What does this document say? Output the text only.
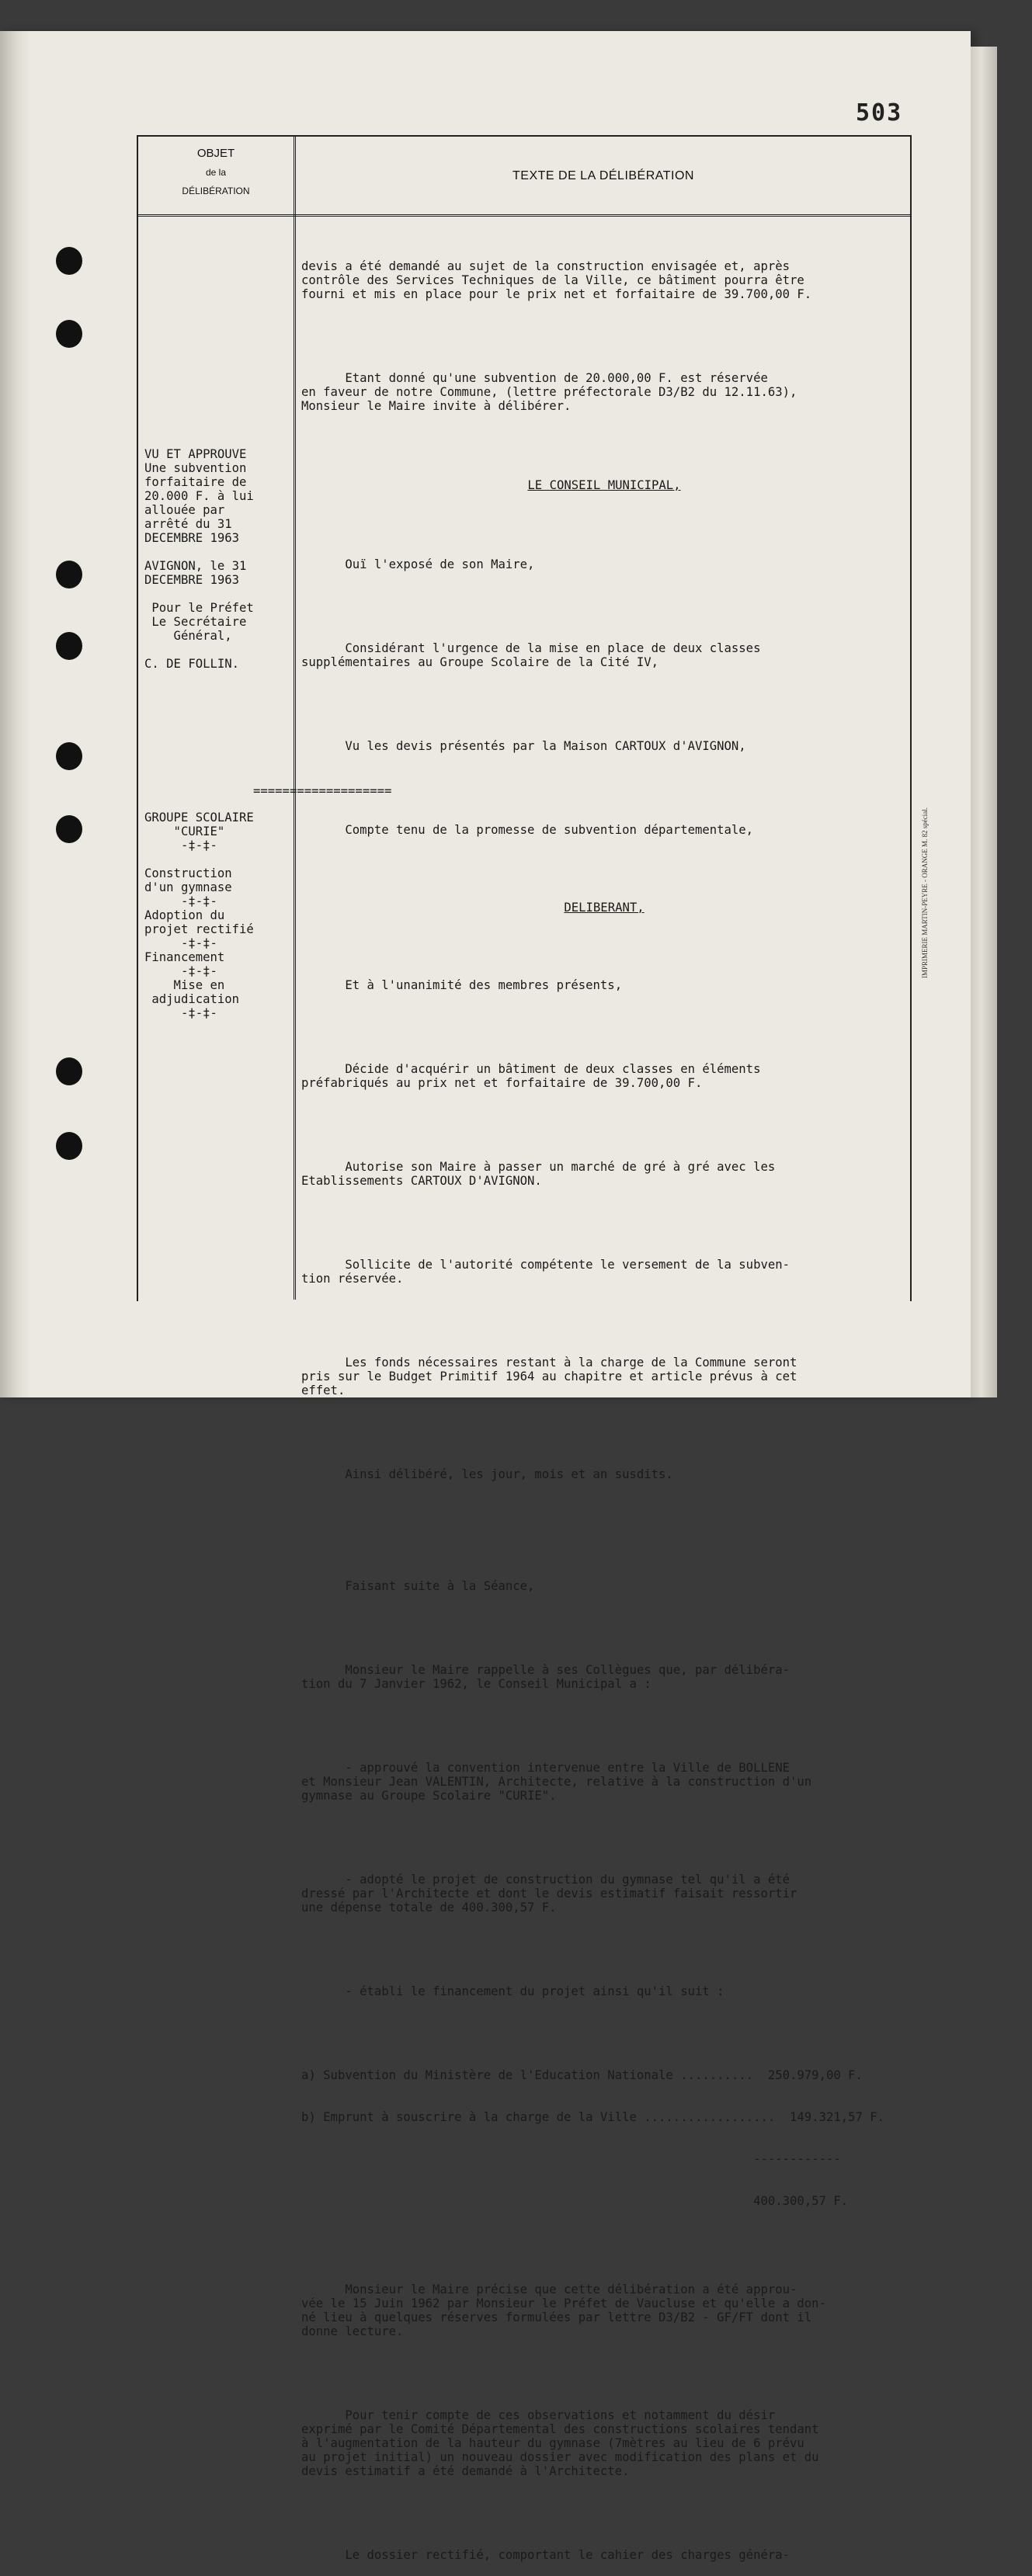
503
OBJET
de la
DÉLIBÉRATION
TEXTE DE LA DÉLIBÉRATION
VU ET APPROUVE
Une subvention
forfaitaire de
20.000 F. à lui
allouée par
arrêté du 31
DECEMBRE 1963

AVIGNON, le 31
DECEMBRE 1963

Pour le Préfet
Le Secrétaire
Général,

C. DE FOLLIN.
===================
GROUPE SCOLAIRE
"CURIE"
-‡-‡-

Construction
d'un gymnase
-‡-‡-
Adoption du
projet rectifié
-‡-‡-
Financement
-‡-‡-
Mise en
adjudication
-‡-‡-

devis a été demandé au sujet de la construction envisagée et, après
contrôle des Services Techniques de la Ville, ce bâtiment pourra être
fourni et mis en place pour le prix net et forfaitaire de 39.700,00 F.

Etant donné qu'une subvention de 20.000,00 F. est réservée
en faveur de notre Commune, (lettre préfectorale D3/B2 du 12.11.63),
Monsieur le Maire invite à délibérer.

LE CONSEIL MUNICIPAL,

Ouï l'exposé de son Maire,

Considérant l'urgence de la mise en place de deux classes
supplémentaires au Groupe Scolaire de la Cité IV,

Vu les devis présentés par la Maison CARTOUX d'AVIGNON,

Compte tenu de la promesse de subvention départementale,

DELIBERANT,

Et à l'unanimité des membres présents,

Décide d'acquérir un bâtiment de deux classes en éléments
préfabriqués au prix net et forfaitaire de 39.700,00 F.

Autorise son Maire à passer un marché de gré à gré avec les
Etablissements CARTOUX D'AVIGNON.

Sollicite de l'autorité compétente le versement de la subven-
tion réservée.

Les fonds nécessaires restant à la charge de la Commune seront
pris sur le Budget Primitif 1964 au chapitre et article prévus à cet
effet.

Ainsi délibéré, les jour, mois et an susdits.

Faisant suite à la Séance,

Monsieur le Maire rappelle à ses Collègues que, par délibéra-
tion du 7 Janvier 1962, le Conseil Municipal a :

- approuvé la convention intervenue entre la Ville de BOLLENE
et Monsieur Jean VALENTIN, Architecte, relative à la construction d'un
gymnase au Groupe Scolaire "CURIE".

- adopté le projet de construction du gymnase tel qu'il a été
dressé par l'Architecte et dont le devis estimatif faisait ressortir
une dépense totale de 400.300,57 F.

- établi le financement du projet ainsi qu'il suit :

a) Subvention du Ministère de l'Education Nationale ..........  250.979,00 F.

b) Emprunt à souscrire à la charge de la Ville ..................  149.321,57 F.

------------

400.300,57 F.

Monsieur le Maire précise que cette délibération a été approu-
vée le 15 Juin 1962 par Monsieur le Préfet de Vaucluse et qu'elle a don-
né lieu à quelques réserves formulées par lettre D3/B2 - GF/FT dont il
donne lecture.

Pour tenir compte de ces observations et notamment du désir
exprimé par le Comité Départemental des constructions scolaires tendant
à l'augmentation de la hauteur du gymnase (7mètres au lieu de 6 prévu
au projet initial) un nouveau dossier avec modification des plans et du
devis estimatif a été demandé à l'Architecte.

Le dossier rectifié, comportant le cahier des charges généra-

IMPRIMERIE MARTIN-PEYRE - ORANGE M. 82 spécial.
